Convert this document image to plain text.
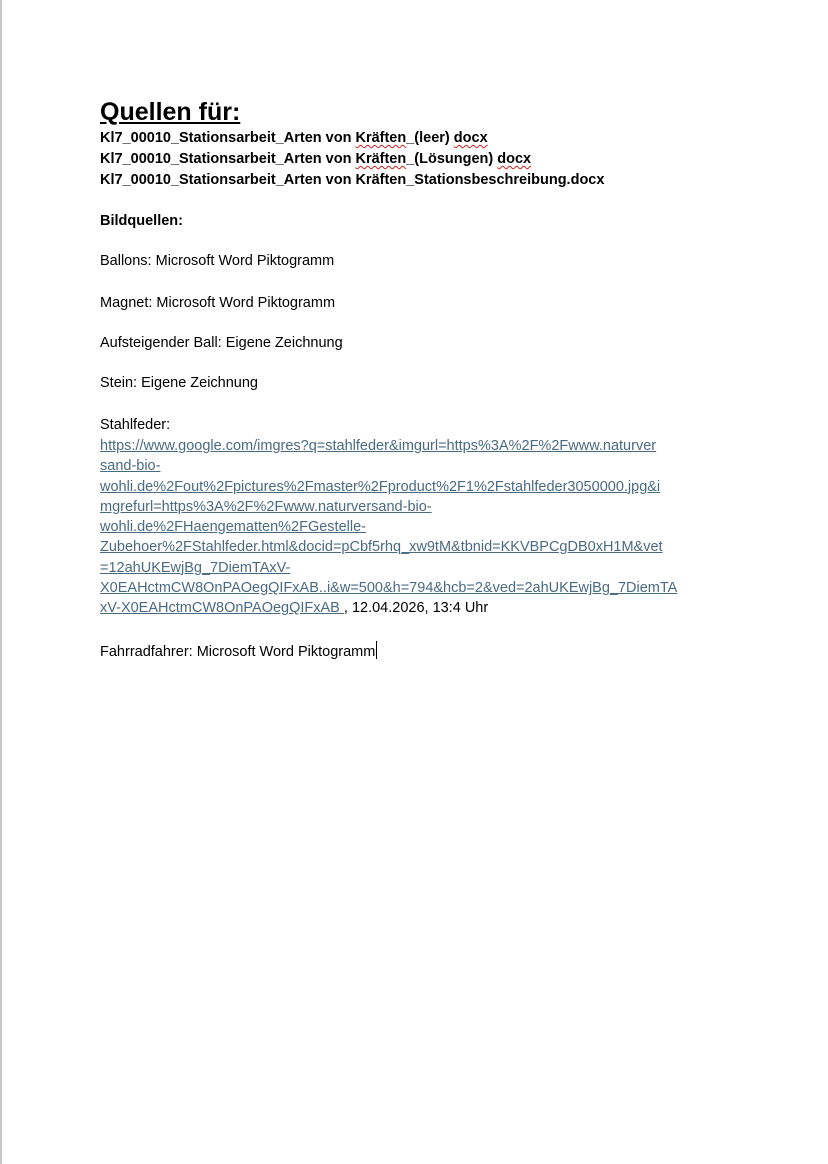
Quellen für:
Kl7_00010_Stationsarbeit_Arten von Kräften_(leer) docx
Kl7_00010_Stationsarbeit_Arten von Kräften_(Lösungen) docx
Kl7_00010_Stationsarbeit_Arten von Kräften_Stationsbeschreibung.docx
Bildquellen:
Ballons: Microsoft Word Piktogramm
Magnet: Microsoft Word Piktogramm
Aufsteigender Ball: Eigene Zeichnung
Stein: Eigene Zeichnung
Stahlfeder:
https://www.google.com/imgres?q=stahlfeder&imgurl=https%3A%2F%2Fwww.naturver
sand-bio-
wohli.de%2Fout%2Fpictures%2Fmaster%2Fproduct%2F1%2Fstahlfeder3050000.jpg&i
mgrefurl=https%3A%2F%2Fwww.naturversand-bio-
wohli.de%2FHaengematten%2FGestelle-
Zubehoer%2FStahlfeder.html&docid=pCbf5rhq_xw9tM&tbnid=KKVBPCgDB0xH1M&vet
=12ahUKEwjBg_7DiemTAxV-
X0EAHctmCW8OnPAOegQIFxAB..i&w=500&h=794&hcb=2&ved=2ahUKEwjBg_7DiemTA
xV-X0EAHctmCW8OnPAOegQIFxAB , 12.04.2026, 13:4 Uhr
Fahrradfahrer: Microsoft Word Piktogramm
